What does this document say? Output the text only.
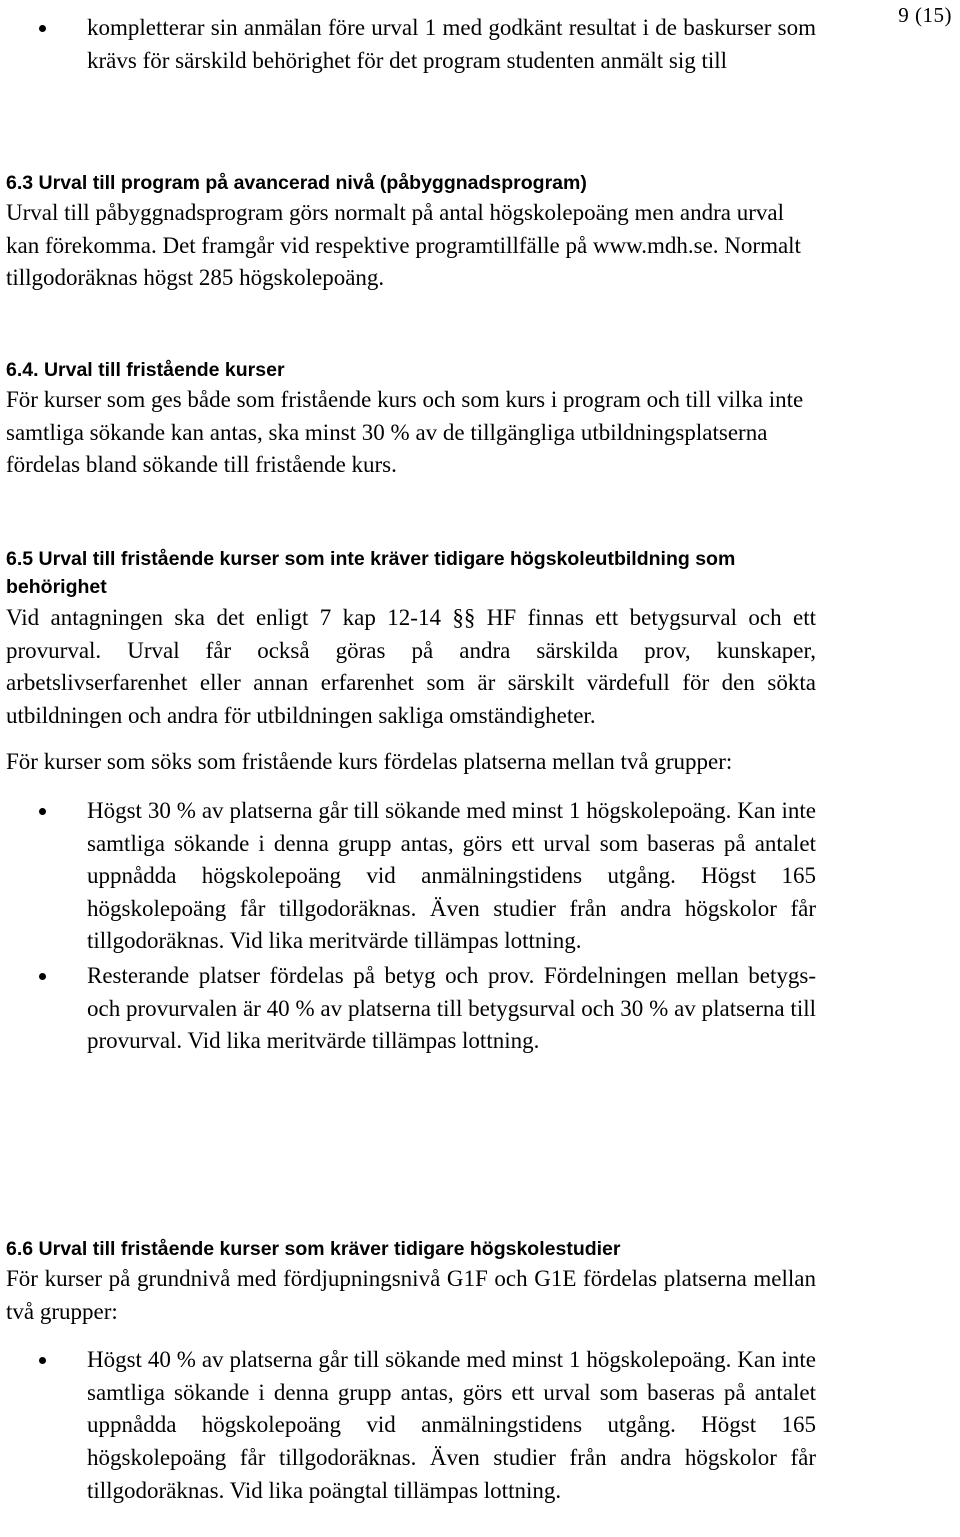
9 (15)
kompletterar sin anmälan före urval 1 med godkänt resultat i de baskurser som krävs för särskild behörighet för det program studenten anmält sig till
6.3 Urval till program på avancerad nivå (påbyggnadsprogram)

Urval till påbyggnadsprogram görs normalt på antal högskolepoäng men andra urval kan förekomma. Det framgår vid respektive programtillfälle på www.mdh.se. Normalt tillgodoräknas högst 285 högskolepoäng.

6.4. Urval till fristående kurser

För kurser som ges både som fristående kurs och som kurs i program och till vilka inte samtliga sökande kan antas, ska minst 30 % av de tillgängliga utbildningsplatserna fördelas bland sökande till fristående kurs.

6.5 Urval till fristående kurser som inte kräver tidigare högskoleutbildning som behörighet

Vid antagningen ska det enligt 7 kap 12-14 §§ HF finnas ett betygsurval och ett provurval. Urval får också göras på andra särskilda prov, kunskaper, arbetslivserfarenhet eller annan erfarenhet som är särskilt värdefull för den sökta utbildningen och andra för utbildningen sakliga omständigheter.

För kurser som söks som fristående kurs fördelas platserna mellan två grupper:

Högst 30 % av platserna går till sökande med minst 1 högskolepoäng. Kan inte samtliga sökande i denna grupp antas, görs ett urval som baseras på antalet uppnådda högskolepoäng vid anmälningstidens utgång. Högst 165 högskolepoäng får tillgodoräknas. Även studier från andra högskolor får tillgodoräknas. Vid lika meritvärde tillämpas lottning.
Resterande platser fördelas på betyg och prov. Fördelningen mellan betygs- och provurvalen är 40 % av platserna till betygsurval och 30 % av platserna till provurval. Vid lika meritvärde tillämpas lottning.
6.6 Urval till fristående kurser som kräver tidigare högskolestudier

För kurser på grundnivå med fördjupningsnivå G1F och G1E fördelas platserna mellan två grupper:

Högst 40 % av platserna går till sökande med minst 1 högskolepoäng. Kan inte samtliga sökande i denna grupp antas, görs ett urval som baseras på antalet uppnådda högskolepoäng vid anmälningstidens utgång. Högst 165 högskolepoäng får tillgodoräknas. Även studier från andra högskolor får tillgodoräknas. Vid lika poängtal tillämpas lottning.
